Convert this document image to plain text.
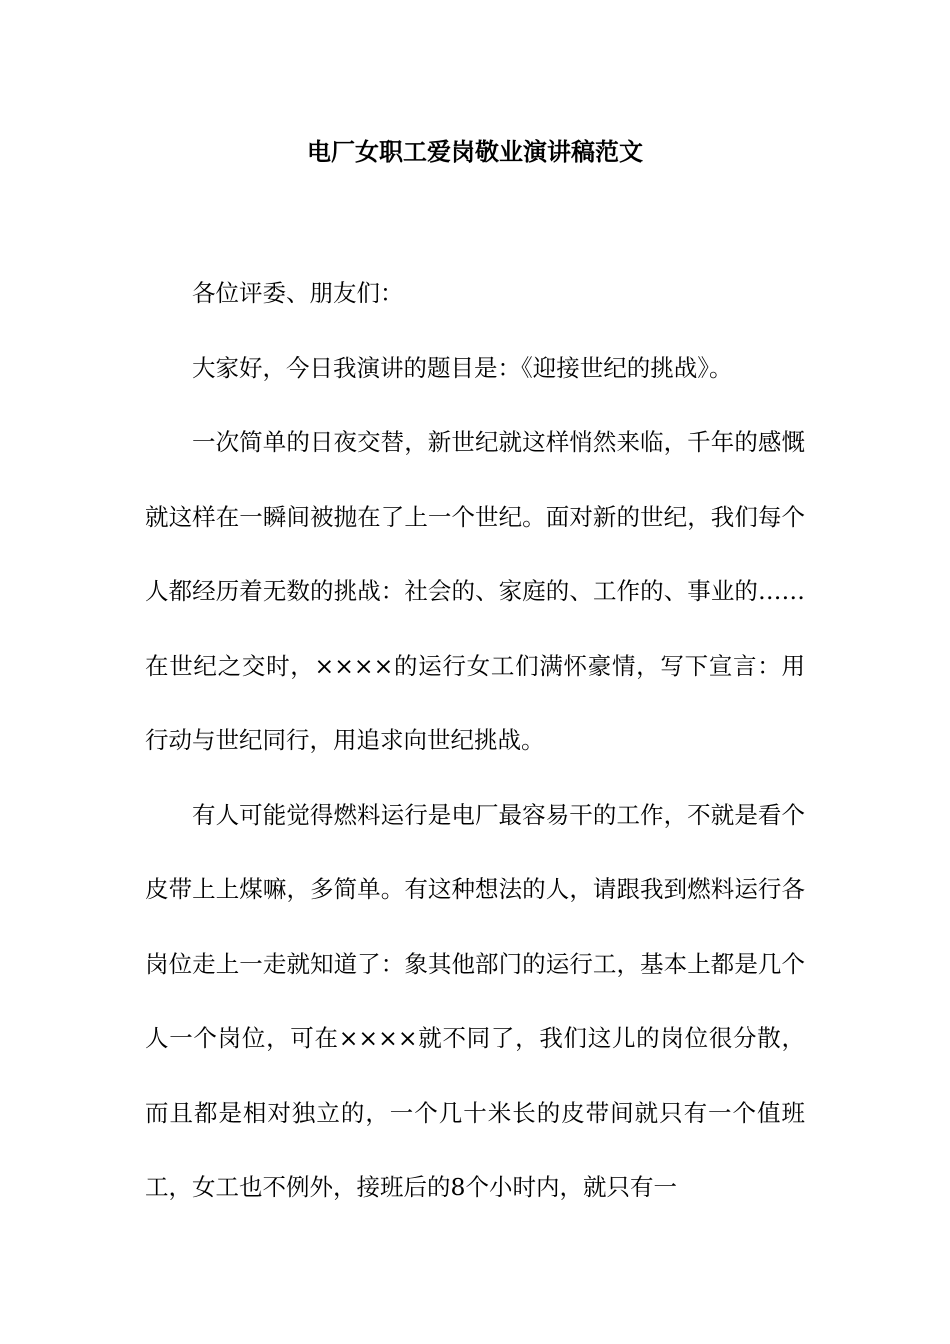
电厂女职工爱岗敬业演讲稿范文

各位评委、朋友们：

大家好，今日我演讲的题目是：《迎接世纪的挑战》。

一次简单的日夜交替，新世纪就这样悄然来临，千年的感慨就这样在一瞬间被抛在了上一个世纪。面对新的世纪，我们每个人都经历着无数的挑战：社会的、家庭的、工作的、事业的……在世纪之交时，××××的运行女工们满怀豪情，写下宣言：用行动与世纪同行，用追求向世纪挑战。

有人可能觉得燃料运行是电厂最容易干的工作，不就是看个皮带上上煤嘛，多简单。有这种想法的人，请跟我到燃料运行各岗位走上一走就知道了：象其他部门的运行工，基本上都是几个人一个岗位，可在××××就不同了，我们这儿的岗位很分散，而且都是相对独立的，一个几十米长的皮带间就只有一个值班工，女工也不例外，接班后的8个小时内，就只有一
